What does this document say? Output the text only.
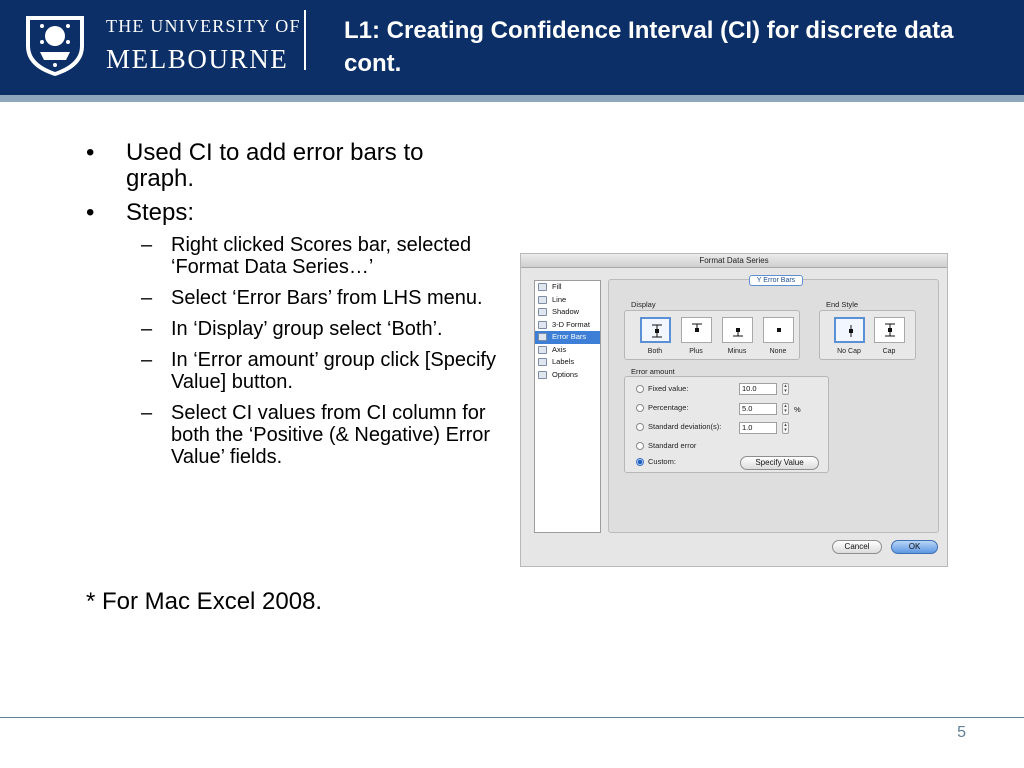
THE UNIVERSITY OF
MELBOURNE
L1: Creating Confidence Interval (CI) for discrete data cont.
• Used CI to add error bars to graph.
• Steps:
– Right clicked Scores bar, selected ‘Format Data Series…’
– Select ‘Error Bars’ from LHS menu.
– In ‘Display’ group select ‘Both’.
– In ‘Error amount’ group click [Specify Value] button.
– Select CI values from CI column for both the ‘Positive (& Negative) Error Value’ fields.
* For Mac Excel 2008.
Format Data Series
Fill
Line
Shadow
3-D Format
Error Bars
Axis
Labels
Options
Y Error Bars
Display
Both	Plus	Minus	None
End Style
No Cap	Cap
Error amount
Fixed value:	10.0	▴
▾
Percentage:	5.0	▴
▾ %
Standard deviation(s):	1.0	▴
▾
Standard error
Custom:	Specify Value
Cancel	OK
5
